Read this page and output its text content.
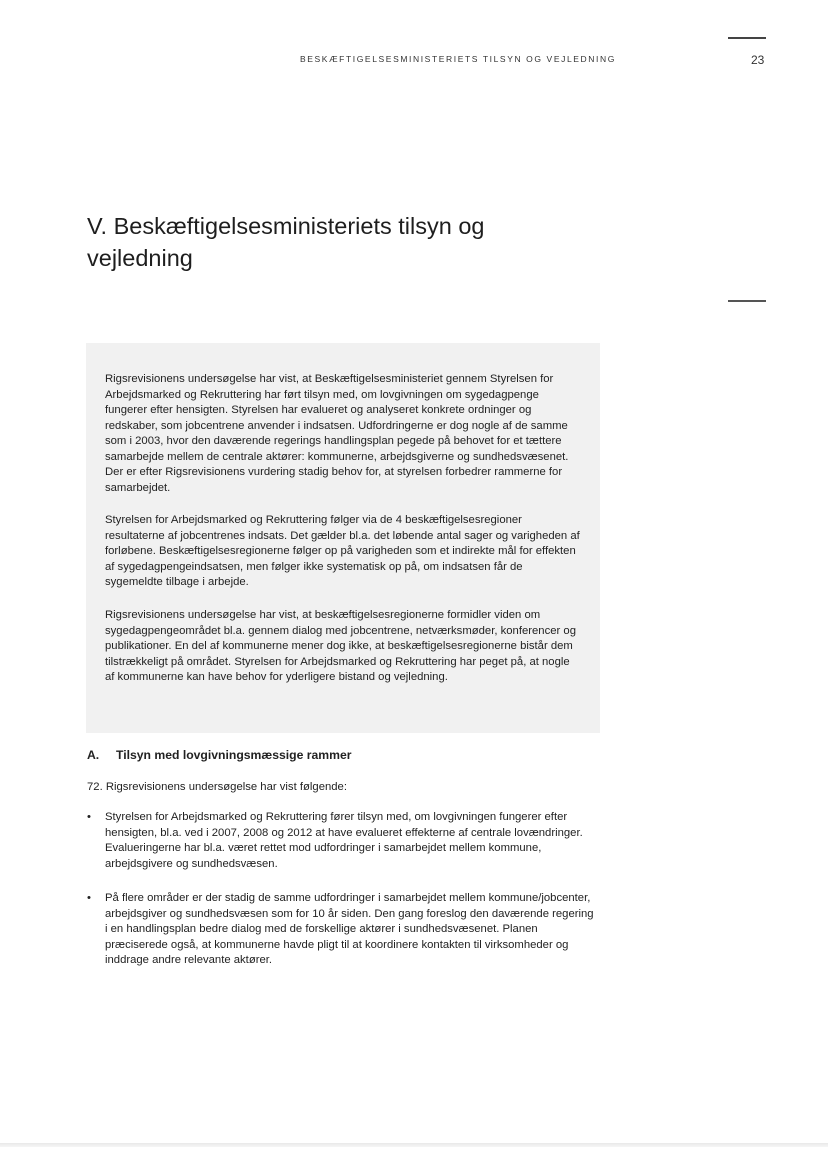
BESKÆFTIGELSESMINISTERIETS TILSYN OG VEJLEDNING	23
V. Beskæftigelsesministeriets tilsyn og vejledning

Rigsrevisionens undersøgelse har vist, at Beskæftigelsesministeriet gennem Styrelsen for Arbejdsmarked og Rekruttering har ført tilsyn med, om lovgivningen om sygedagpenge fungerer efter hensigten. Styrelsen har evalueret og analyseret konkrete ordninger og redskaber, som jobcentrene anvender i indsatsen. Udfordringerne er dog nogle af de samme som i 2003, hvor den daværende regerings handlingsplan pegede på behovet for et tættere samarbejde mellem de centrale aktører: kommunerne, arbejdsgiverne og sundhedsvæsenet. Der er efter Rigsrevisionens vurdering stadig behov for, at styrelsen forbedrer rammerne for samarbejdet.

Styrelsen for Arbejdsmarked og Rekruttering følger via de 4 beskæftigelsesregioner resultaterne af jobcentrenes indsats. Det gælder bl.a. det løbende antal sager og varigheden af forløbene. Beskæftigelsesregionerne følger op på varigheden som et indirekte mål for effekten af sygedagpengeindsatsen, men følger ikke systematisk op på, om indsatsen får de sygemeldte tilbage i arbejde.

Rigsrevisionens undersøgelse har vist, at beskæftigelsesregionerne formidler viden om sygedagpengeområdet bl.a. gennem dialog med jobcentrene, netværksmøder, konferencer og publikationer. En del af kommunerne mener dog ikke, at beskæftigelsesregionerne bistår dem tilstrækkeligt på området. Styrelsen for Arbejdsmarked og Rekruttering har peget på, at nogle af kommunerne kan have behov for yderligere bistand og vejledning.

A. Tilsyn med lovgivningsmæssige rammer

72. Rigsrevisionens undersøgelse har vist følgende:

• Styrelsen for Arbejdsmarked og Rekruttering fører tilsyn med, om lovgivningen fungerer efter hensigten, bl.a. ved i 2007, 2008 og 2012 at have evalueret effekterne af centrale lovændringer. Evalueringerne har bl.a. været rettet mod udfordringer i samarbejdet mellem kommune, arbejdsgivere og sundhedsvæsen.
• På flere områder er der stadig de samme udfordringer i samarbejdet mellem kommune/jobcenter, arbejdsgiver og sundhedsvæsen som for 10 år siden. Den gang foreslog den daværende regering i en handlingsplan bedre dialog med de forskellige aktører i sundhedsvæsenet. Planen præciserede også, at kommunerne havde pligt til at koordinere kontakten til virksomheder og inddrage andre relevante aktører.
